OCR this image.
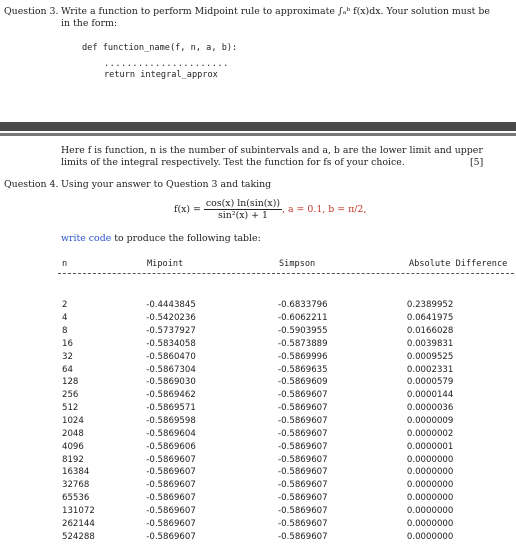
Question 3. Write a function to perform Midpoint rule to approximate ∫ₐᵇ f(x)dx. Your solution must be
in the form:
def function_name(f, n, a, b):
......................
return integral_approx
Here f is function, n is the number of subintervals and a, b are the lower limit and upper
limits of the integral respectively. Test the function for fs of your choice.	[5]
Question 4. Using your answer to Question 3 and taking
$f(x) = \frac{\cos(x) \ln(\sin(x))}{\text{sin²(x) + 1}}$ , a = 0.1, b = π/2,
write code to produce the following table:
n	Mipoint	Simpson	Absolute Difference
2	-0.4443845	-0.6833796	0.2389952
4	-0.5420236	-0.6062211	0.0641975
8	-0.5737927	-0.5903955	0.0166028
16	-0.5834058	-0.5873889	0.0039831
32	-0.5860470	-0.5869996	0.0009525
64	-0.5867304	-0.5869635	0.0002331
128	-0.5869030	-0.5869609	0.0000579
256	-0.5869462	-0.5869607	0.0000144
512	-0.5869571	-0.5869607	0.0000036
1024	-0.5869598	-0.5869607	0.0000009
2048	-0.5869604	-0.5869607	0.0000002
4096	-0.5869606	-0.5869607	0.0000001
8192	-0.5869607	-0.5869607	0.0000000
16384	-0.5869607	-0.5869607	0.0000000
32768	-0.5869607	-0.5869607	0.0000000
65536	-0.5869607	-0.5869607	0.0000000
131072	-0.5869607	-0.5869607	0.0000000
262144	-0.5869607	-0.5869607	0.0000000
524288	-0.5869607	-0.5869607	0.0000000
